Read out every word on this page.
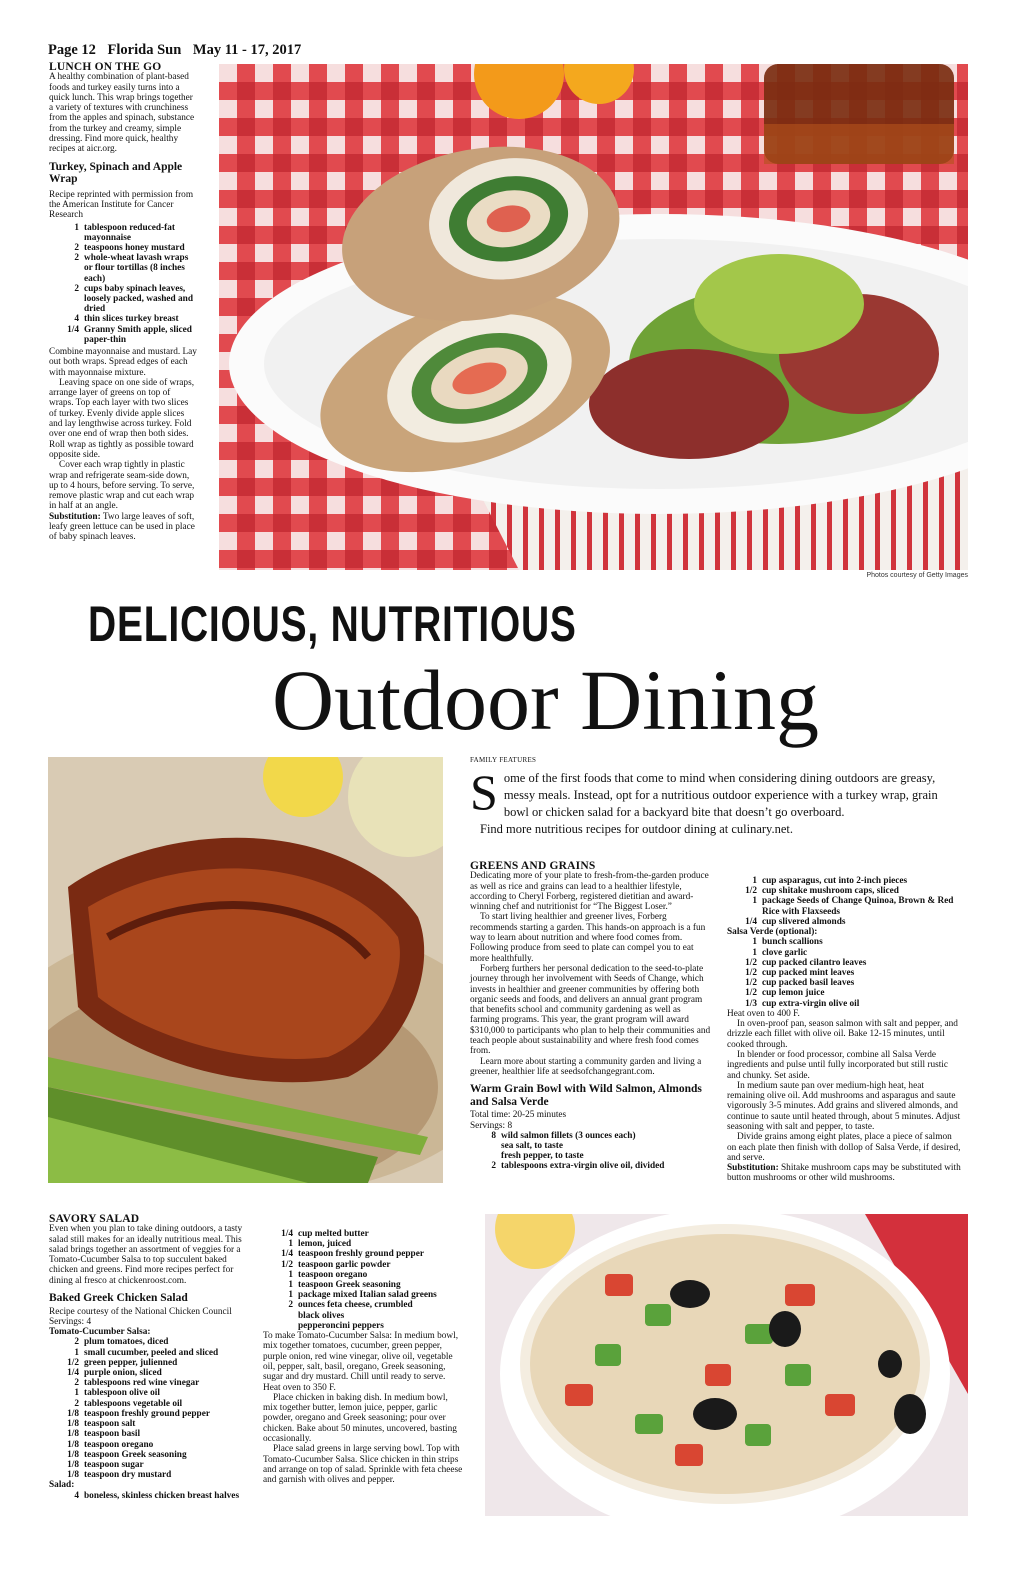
Page 12 Florida Sun May 11 - 17, 2017
LUNCH ON THE GO

A healthy combination of plant-based foods and turkey easily turns into a quick lunch. This wrap brings together a variety of textures with crunchiness from the apples and spinach, substance from the turkey and creamy, simple dressing. Find more quick, healthy recipes at aicr.org.

Turkey, Spinach and Apple Wrap

Recipe reprinted with permission from the American Institute for Cancer Research

1 tablespoon reduced-fat mayonnaise
2 teaspoons honey mustard
2 whole-wheat lavash wraps or flour tortillas (8 inches each)
2 cups baby spinach leaves, loosely packed, washed and dried
4 thin slices turkey breast
1/4 Granny Smith apple, sliced paper-thin

Combine mayonnaise and mustard. Lay out both wraps. Spread edges of each with mayonnaise mixture.

Leaving space on one side of wraps, arrange layer of greens on top of wraps. Top each layer with two slices of turkey. Evenly divide apple slices and lay lengthwise across turkey. Fold over one end of wrap then both sides. Roll wrap as tightly as possible toward opposite side.

Cover each wrap tightly in plastic wrap and refrigerate seam-side down, up to 4 hours, before serving. To serve, remove plastic wrap and cut each wrap in half at an angle.

Substitution: Two large leaves of soft, leafy green lettuce can be used in place of baby spinach leaves.

Photos courtesy of Getty Images
DELICIOUS, NUTRITIOUS
Outdoor Dining
FAMILY FEATURES
S ome of the first foods that come to mind when considering dining outdoors are greasy, messy meals. Instead, opt for a nutritious outdoor experience with a turkey wrap, grain bowl or chicken salad for a backyard bite that doesn’t go overboard.
Find more nutritious recipes for outdoor dining at culinary.net.
GREENS AND GRAINS

Dedicating more of your plate to fresh-from-the-garden produce as well as rice and grains can lead to a healthier lifestyle, according to Cheryl Forberg, registered dietitian and award-winning chef and nutritionist for “The Biggest Loser.”

To start living healthier and greener lives, Forberg recommends starting a garden. This hands-on approach is a fun way to learn about nutrition and where food comes from. Following produce from seed to plate can compel you to eat more healthfully.

Forberg furthers her personal dedication to the seed-to-plate journey through her involvement with Seeds of Change, which invests in healthier and greener communities by offering both organic seeds and foods, and delivers an annual grant program that benefits school and community gardening as well as farming programs. This year, the grant program will award $310,000 to participants who plan to help their communities and teach people about sustainability and where fresh food comes from.

Learn more about starting a community garden and living a greener, healthier life at seedsofchangegrant.com.

Warm Grain Bowl with Wild Salmon, Almonds and Salsa Verde

Total time: 20-25 minutes

Servings: 8

8 wild salmon fillets (3 ounces each)
sea salt, to taste
fresh pepper, to taste
2 tablespoons extra-virgin olive oil, divided
1 cup asparagus, cut into 2-inch pieces
1/2 cup shitake mushroom caps, sliced
1 package Seeds of Change Quinoa, Brown & Red Rice with Flaxseeds
1/4 cup slivered almonds
Salsa Verde (optional):
1 bunch scallions
1 clove garlic
1/2 cup packed cilantro leaves
1/2 cup packed mint leaves
1/2 cup packed basil leaves
1/2 cup lemon juice
1/3 cup extra-virgin olive oil

Heat oven to 400 F.

In oven-proof pan, season salmon with salt and pepper, and drizzle each fillet with olive oil. Bake 12-15 minutes, until cooked through.

In blender or food processor, combine all Salsa Verde ingredients and pulse until fully incorporated but still rustic and chunky. Set aside.

In medium saute pan over medium-high heat, heat remaining olive oil. Add mushrooms and asparagus and saute vigorously 3-5 minutes. Add grains and slivered almonds, and continue to saute until heated through, about 5 minutes. Adjust seasoning with salt and pepper, to taste.

Divide grains among eight plates, place a piece of salmon on each plate then finish with dollop of Salsa Verde, if desired, and serve.

Substitution: Shitake mushroom caps may be substituted with button mushrooms or other wild mushrooms.

SAVORY SALAD

Even when you plan to take dining outdoors, a tasty salad still makes for an ideally nutritious meal. This salad brings together an assortment of veggies for a Tomato-Cucumber Salsa to top succulent baked chicken and greens. Find more recipes perfect for dining al fresco at chickenroost.com.

Baked Greek Chicken Salad

Recipe courtesy of the National Chicken Council

Servings: 4

Tomato-Cucumber Salsa:
2 plum tomatoes, diced
1 small cucumber, peeled and sliced
1/2 green pepper, julienned
1/4 purple onion, sliced
2 tablespoons red wine vinegar
1 tablespoon olive oil
2 tablespoons vegetable oil
1/8 teaspoon freshly ground pepper
1/8 teaspoon salt
1/8 teaspoon basil
1/8 teaspoon oregano
1/8 teaspoon Greek seasoning
1/8 teaspoon sugar
1/8 teaspoon dry mustard
Salad:
4 boneless, skinless chicken breast halves
1/4 cup melted butter
1 lemon, juiced
1/4 teaspoon freshly ground pepper
1/2 teaspoon garlic powder
1 teaspoon oregano
1 teaspoon Greek seasoning
1 package mixed Italian salad greens
2 ounces feta cheese, crumbled
black olives
pepperoncini peppers

To make Tomato-Cucumber Salsa: In medium bowl, mix together tomatoes, cucumber, green pepper, purple onion, red wine vinegar, olive oil, vegetable oil, pepper, salt, basil, oregano, Greek seasoning, sugar and dry mustard. Chill until ready to serve.

Heat oven to 350 F.

Place chicken in baking dish. In medium bowl, mix together butter, lemon juice, pepper, garlic powder, oregano and Greek seasoning; pour over chicken. Bake about 50 minutes, uncovered, basting occasionally.

Place salad greens in large serving bowl. Top with Tomato-Cucumber Salsa. Slice chicken in thin strips and arrange on top of salad. Sprinkle with feta cheese and garnish with olives and pepper.
